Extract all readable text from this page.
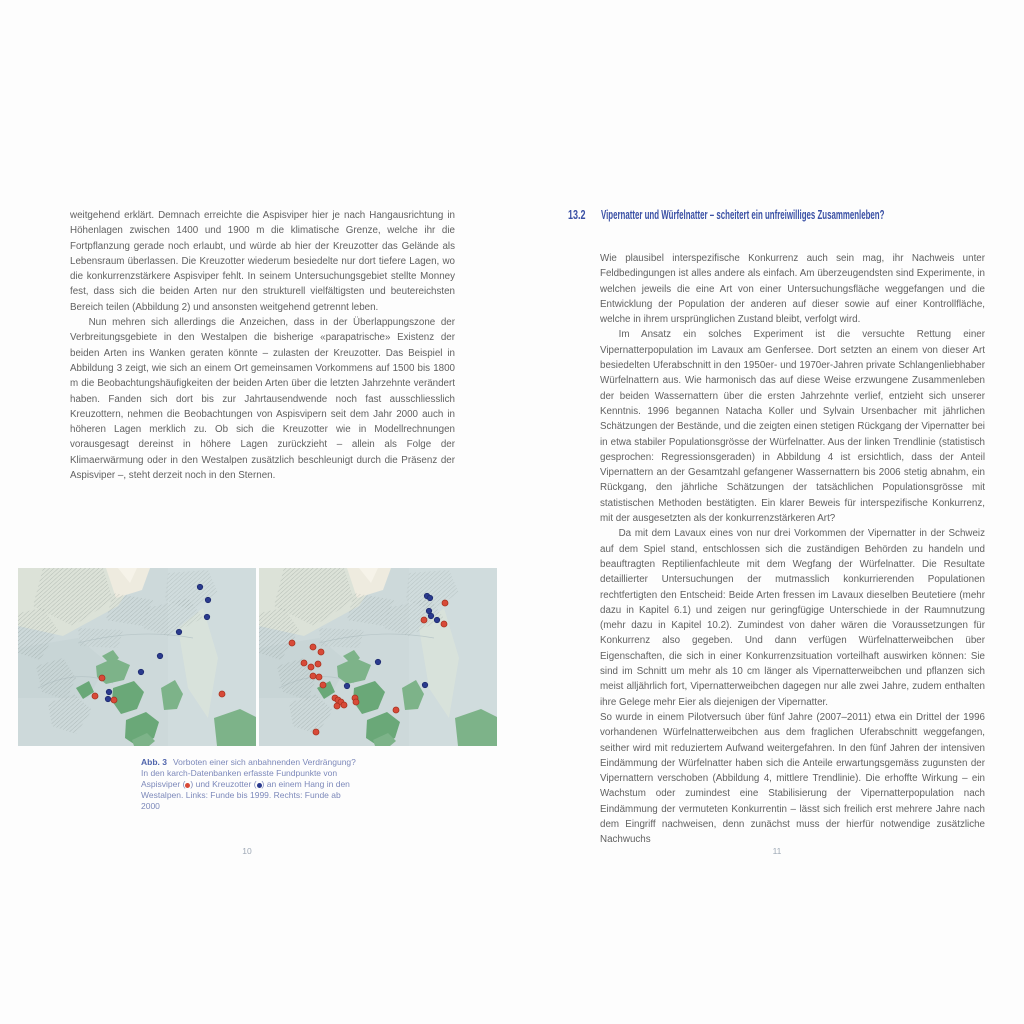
weitgehend erklärt. Demnach erreichte die Aspisviper hier je nach Hangausrichtung in Höhenlagen zwischen 1400 und 1900 m die klimatische Grenze, welche ihr die Fortpflanzung gerade noch erlaubt, und würde ab hier der Kreuzotter das Gelände als Lebensraum überlassen. Die Kreuzotter wiederum besiedelte nur dort tiefere Lagen, wo die konkurrenzstärkere Aspisviper fehlt. In seinem Untersuchungsgebiet stellte Monney fest, dass sich die beiden Arten nur den strukturell vielfältigsten und beutereichsten Bereich teilen (Abbildung 2) und ansonsten weitgehend getrennt leben.

Nun mehren sich allerdings die Anzeichen, dass in der Überlappungszone der Verbreitungsgebiete in den Westalpen die bisherige «parapatrische» Existenz der beiden Arten ins Wanken geraten könnte – zulasten der Kreuzotter. Das Beispiel in Abbildung 3 zeigt, wie sich an einem Ort gemeinsamen Vorkommens auf 1500 bis 1800 m die Beobachtungshäufigkeiten der beiden Arten über die letzten Jahrzehnte verändert haben. Fanden sich dort bis zur Jahrtausendwende noch fast ausschliesslich Kreuzottern, nehmen die Beobachtungen von Aspisvipern seit dem Jahr 2000 auch in höheren Lagen merklich zu. Ob sich die Kreuzotter wie in Modellrechnungen vorausgesagt dereinst in höhere Lagen zurückzieht – allein als Folge der Klimaerwärmung oder in den Westalpen zusätzlich beschleunigt durch die Präsenz der Aspisviper –, steht derzeit noch in den Sternen.

Abb. 3 Vorboten einer sich anbahnenden Verdrängung? In den karch-Datenbanken erfasste Fundpunkte von Aspisviper ( ) und Kreuzotter ( ) an einem Hang in den Westalpen. Links: Funde bis 1999. Rechts: Funde ab 2000
10
13.2 Vipernatter und Würfelnatter – scheitert ein unfreiwilliges Zusammenleben?

Wie plausibel interspezifische Konkurrenz auch sein mag, ihr Nachweis unter Feldbedingungen ist alles andere als einfach. Am überzeugendsten sind Experimente, in welchen jeweils die eine Art von einer Untersuchungsfläche weggefangen und die Entwicklung der Population der anderen auf dieser sowie auf einer Kontrollfläche, welche in ihrem ursprünglichen Zustand bleibt, verfolgt wird.

Im Ansatz ein solches Experiment ist die versuchte Rettung einer Vipernatterpopulation im Lavaux am Genfersee. Dort setzten an einem von dieser Art besiedelten Uferabschnitt in den 1950er- und 1970er-Jahren private Schlangenliebhaber Würfelnattern aus. Wie harmonisch das auf diese Weise erzwungene Zusammenleben der beiden Wassernattern über die ersten Jahrzehnte verlief, entzieht sich unserer Kenntnis. 1996 begannen Natacha Koller und Sylvain Ursenbacher mit jährlichen Schätzungen der Bestände, und die zeigten einen stetigen Rückgang der Vipernatter bei in etwa stabiler Populationsgrösse der Würfelnatter. Aus der linken Trendlinie (statistisch gesprochen: Regressionsgeraden) in Abbildung 4 ist ersichtlich, dass der Anteil Vipernattern an der Gesamtzahl gefangener Wassernattern bis 2006 stetig abnahm, ein Rückgang, den jährliche Schätzungen der tatsächlichen Populationsgrösse mit statistischen Methoden bestätigten. Ein klarer Beweis für interspezifische Konkurrenz, mit der ausgesetzten als der konkurrenzstärkeren Art?

Da mit dem Lavaux eines von nur drei Vorkommen der Vipernatter in der Schweiz auf dem Spiel stand, entschlossen sich die zuständigen Behörden zu handeln und beauftragten Reptilienfachleute mit dem Wegfang der Würfelnatter. Die Resultate detaillierter Untersuchungen der mutmasslich konkurrierenden Populationen rechtfertigten den Entscheid: Beide Arten fressen im Lavaux dieselben Beutetiere (mehr dazu in Kapitel 6.1) und zeigen nur geringfügige Unterschiede in der Raumnutzung (mehr dazu in Kapitel 10.2). Zumindest von daher wären die Voraussetzungen für Konkurrenz also gegeben. Und dann verfügen Würfelnatterweibchen über Eigenschaften, die sich in einer Konkurrenzsituation vorteilhaft auswirken können: Sie sind im Schnitt um mehr als 10 cm länger als Vipernatterweibchen und pflanzen sich meist alljährlich fort, Vipernatterweibchen dagegen nur alle zwei Jahre, zudem enthalten ihre Gelege mehr Eier als diejenigen der Vipernatter.

So wurde in einem Pilotversuch über fünf Jahre (2007–2011) etwa ein Drittel der 1996 vorhandenen Würfelnatterweibchen aus dem fraglichen Uferabschnitt weggefangen, seither wird mit reduziertem Aufwand weitergefahren. In den fünf Jahren der intensiven Eindämmung der Würfelnatter haben sich die Anteile erwartungsgemäss zugunsten der Vipernattern verschoben (Abbildung 4, mittlere Trendlinie). Die erhoffte Wirkung – ein Wachstum oder zumindest eine Stabilisierung der Vipernatterpopulation nach Eindämmung der vermuteten Konkurrentin – lässt sich freilich erst mehrere Jahre nach dem Eingriff nachweisen, denn zunächst muss der hierfür notwendige zusätzliche Nachwuchs

11
